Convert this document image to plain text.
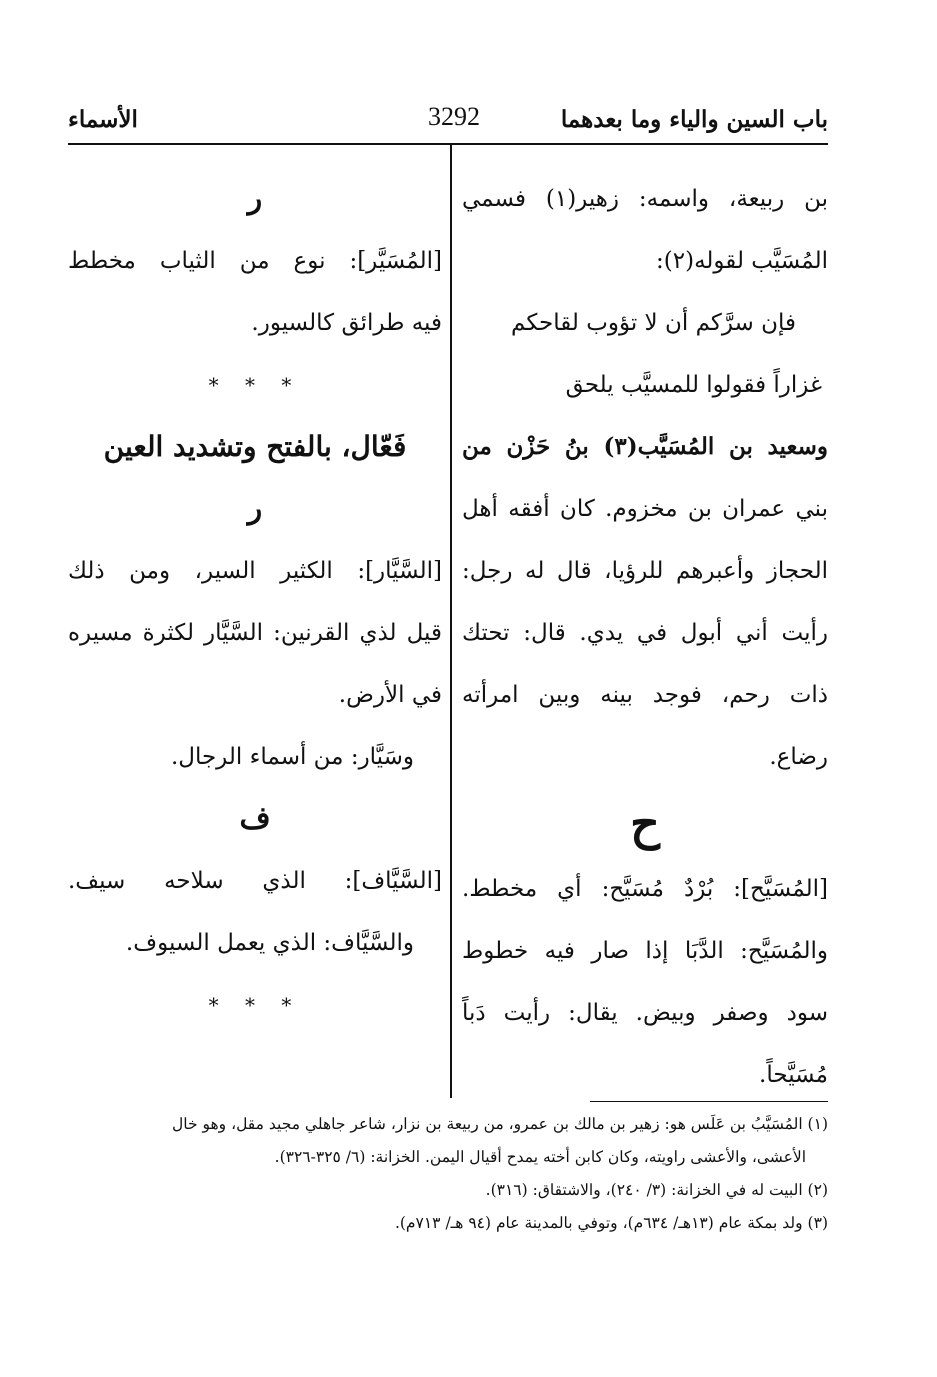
باب السين والياء وما بعدهما
3292
الأسماء
بن ربيعة، واسمه: زهير(١) فسمي
المُسَيَّب لقوله(٢):
فإن سرَّكم أن لا تؤوب لقاحكم
غزاراً فقولوا للمسيَّب يلحق
وسعيد بن المُسَيَّب(٣) بنُ حَزْن من
بني عمران بن مخزوم. كان أفقه أهل
الحجاز وأعبرهم للرؤيا، قال له رجل:
رأيت أني أبول في يدي. قال: تحتك
ذات رحم، فوجد بينه وبين امرأته
رضاع.
ح
[المُسَيَّح]: بُرْدٌ مُسَيَّح: أي مخطط.
والمُسَيَّح: الدَّبَا إذا صار فيه خطوط
سود وصفر وبيض. يقال: رأيت دَباً
مُسَيَّحاً.
ر
[المُسَيَّر]: نوع من الثياب مخطط
فيه طرائق كالسيور.
* * *
فَعّال، بالفتح وتشديد العين
ر
[السَّيَّار]: الكثير السير، ومن ذلك
قيل لذي القرنين: السَّيَّار لكثرة مسيره
في الأرض.
وسَيَّار: من أسماء الرجال.
ف
[السَّيَّاف]: الذي سلاحه سيف.
والسَّيَّاف: الذي يعمل السيوف.
* * *
(١) المُسَيَّبُ بن عَلَس هو: زهير بن مالك بن عمرو، من ربيعة بن نزار، شاعر جاهلي مجيد مقل، وهو خال
الأعشى، والأعشى راويته، وكان كابن أخته يمدح أقيال اليمن. الخزانة: (٦/ ٣٢٥-٣٢٦).
(٢) البيت له في الخزانة: (٣/ ٢٤٠)، والاشتقاق: (٣١٦).
(٣) ولد بمكة عام (١٣هـ/ ٦٣٤م)، وتوفي بالمدينة عام (٩٤ هـ/ ٧١٣م).
